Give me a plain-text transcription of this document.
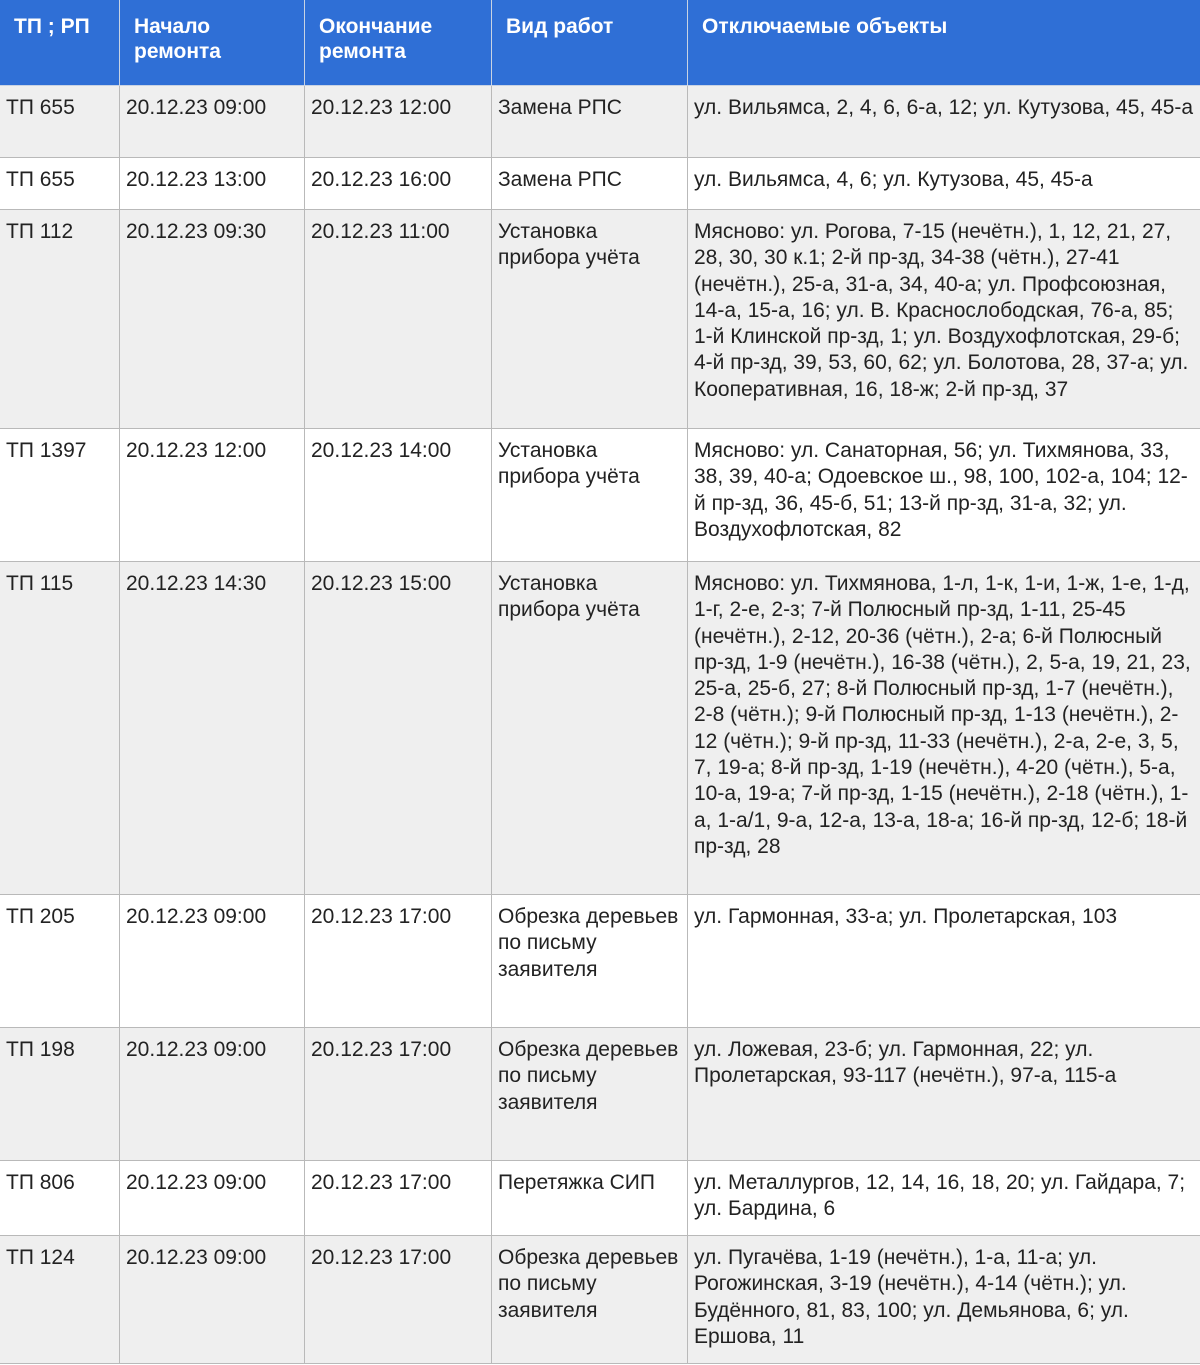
ТП ; РП	Начало ремонта	Окончание ремонта	Вид работ	Отключаемые объекты
ТП 655	20.12.23 09:00	20.12.23 12:00	Замена РПС	ул. Вильямса, 2, 4, 6, 6-а, 12; ул. Кутузова, 45, 45-а
ТП 655	20.12.23 13:00	20.12.23 16:00	Замена РПС	ул. Вильямса, 4, 6; ул. Кутузова, 45, 45-а
ТП 112	20.12.23 09:30	20.12.23 11:00	Установка прибора учёта	Мясново: ул. Рогова, 7-15 (нечётн.), 1, 12, 21, 27, 28, 30, 30 к.1; 2-й пр-зд, 34-38 (чётн.), 27-41 (нечётн.), 25-а, 31-а, 34, 40-а; ул. Профсоюзная, 14-а, 15-а, 16; ул. В. Краснослободская, 76-а, 85; 1-й Клинской пр-зд, 1; ул. Воздухофлотская, 29-б; 4-й пр-зд, 39, 53, 60, 62; ул. Болотова, 28, 37-а; ул. Кооперативная, 16, 18-ж; 2-й пр-зд, 37
ТП 1397	20.12.23 12:00	20.12.23 14:00	Установка прибора учёта	Мясново: ул. Санаторная, 56; ул. Тихмянова, 33, 38, 39, 40-а; Одоевское ш., 98, 100, 102-а, 104; 12-й пр-зд, 36, 45-б, 51; 13-й пр-зд, 31-а, 32; ул. Воздухофлотская, 82
ТП 115	20.12.23 14:30	20.12.23 15:00	Установка прибора учёта	Мясново: ул. Тихмянова, 1-л, 1-к, 1-и, 1-ж, 1-е, 1-д, 1-г, 2-е, 2-з; 7-й Полюсный пр-зд, 1-11, 25-45 (нечётн.), 2-12, 20-36 (чётн.), 2-а; 6-й Полюсный пр-зд, 1-9 (нечётн.), 16-38 (чётн.), 2, 5-а, 19, 21, 23, 25-а, 25-б, 27; 8-й Полюсный пр-зд, 1-7 (нечётн.), 2-8 (чётн.); 9-й Полюсный пр-зд, 1-13 (нечётн.), 2-12 (чётн.); 9-й пр-зд, 11-33 (нечётн.), 2-а, 2-е, 3, 5, 7, 19-а; 8-й пр-зд, 1-19 (нечётн.), 4-20 (чётн.), 5-а, 10-а, 19-а; 7-й пр-зд, 1-15 (нечётн.), 2-18 (чётн.), 1-а, 1-а/1, 9-а, 12-а, 13-а, 18-а; 16-й пр-зд, 12-б; 18-й пр-зд, 28
ТП 205	20.12.23 09:00	20.12.23 17:00	Обрезка деревьев по письму заявителя	ул. Гармонная, 33-а; ул. Пролетарская, 103
ТП 198	20.12.23 09:00	20.12.23 17:00	Обрезка деревьев по письму заявителя	ул. Ложевая, 23-б; ул. Гармонная, 22; ул. Пролетарская, 93-117 (нечётн.), 97-а, 115-а
ТП 806	20.12.23 09:00	20.12.23 17:00	Перетяжка СИП	ул. Металлургов, 12, 14, 16, 18, 20; ул. Гайдара, 7; ул. Бардина, 6
ТП 124	20.12.23 09:00	20.12.23 17:00	Обрезка деревьев по письму заявителя	ул. Пугачёва, 1-19 (нечётн.), 1-а, 11-а; ул. Рогожинская, 3-19 (нечётн.), 4-14 (чётн.); ул. Будённого, 81, 83, 100; ул. Демьянова, 6; ул. Ершова, 11
